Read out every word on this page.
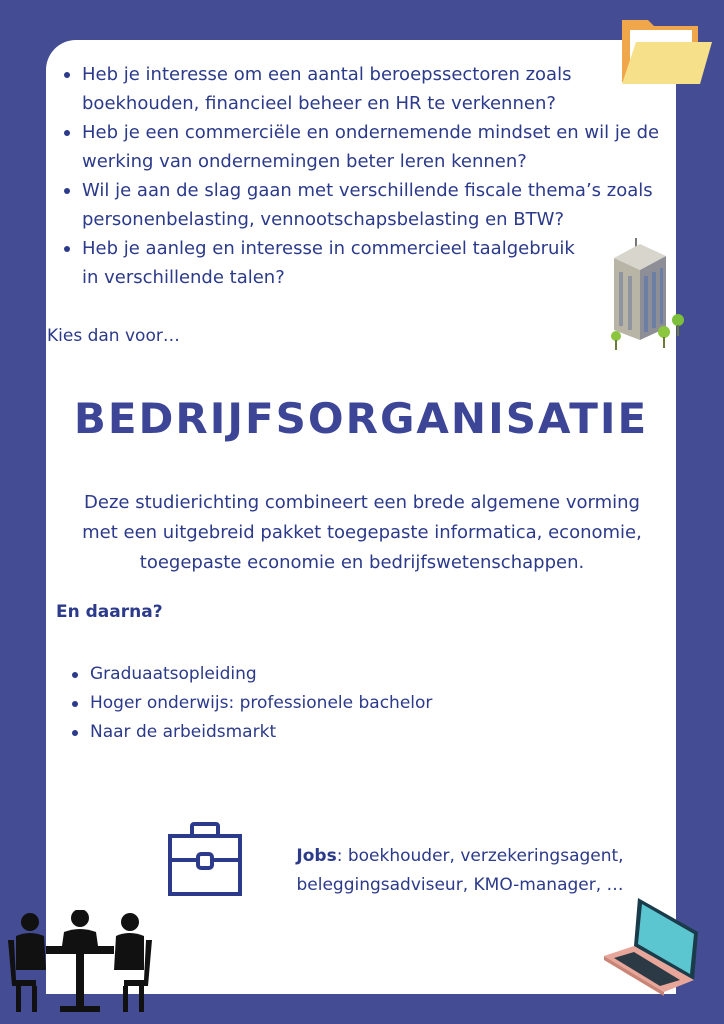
Heb je interesse om een aantal beroepssectoren zoals boekhouden, financieel beheer en HR te verkennen?
Heb je een commerciële en ondernemende mindset en wil je de werking van ondernemingen beter leren kennen?
Wil je aan de slag gaan met verschillende fiscale thema’s zoals personenbelasting, vennootschapsbelasting en BTW?
Heb je aanleg en interesse in commercieel taalgebruik in verschillende talen?
Kies dan voor…
BEDRIJFSORGANISATIE
Deze studierichting combineert een brede algemene vorming met een uitgebreid pakket toegepaste informatica, economie, toegepaste economie en bedrijfswetenschappen.
En daarna?
Graduaatsopleiding
Hoger onderwijs: professionele bachelor
Naar de arbeidsmarkt
Jobs: boekhouder, verzekeringsagent, beleggingsadviseur, KMO-manager, …
